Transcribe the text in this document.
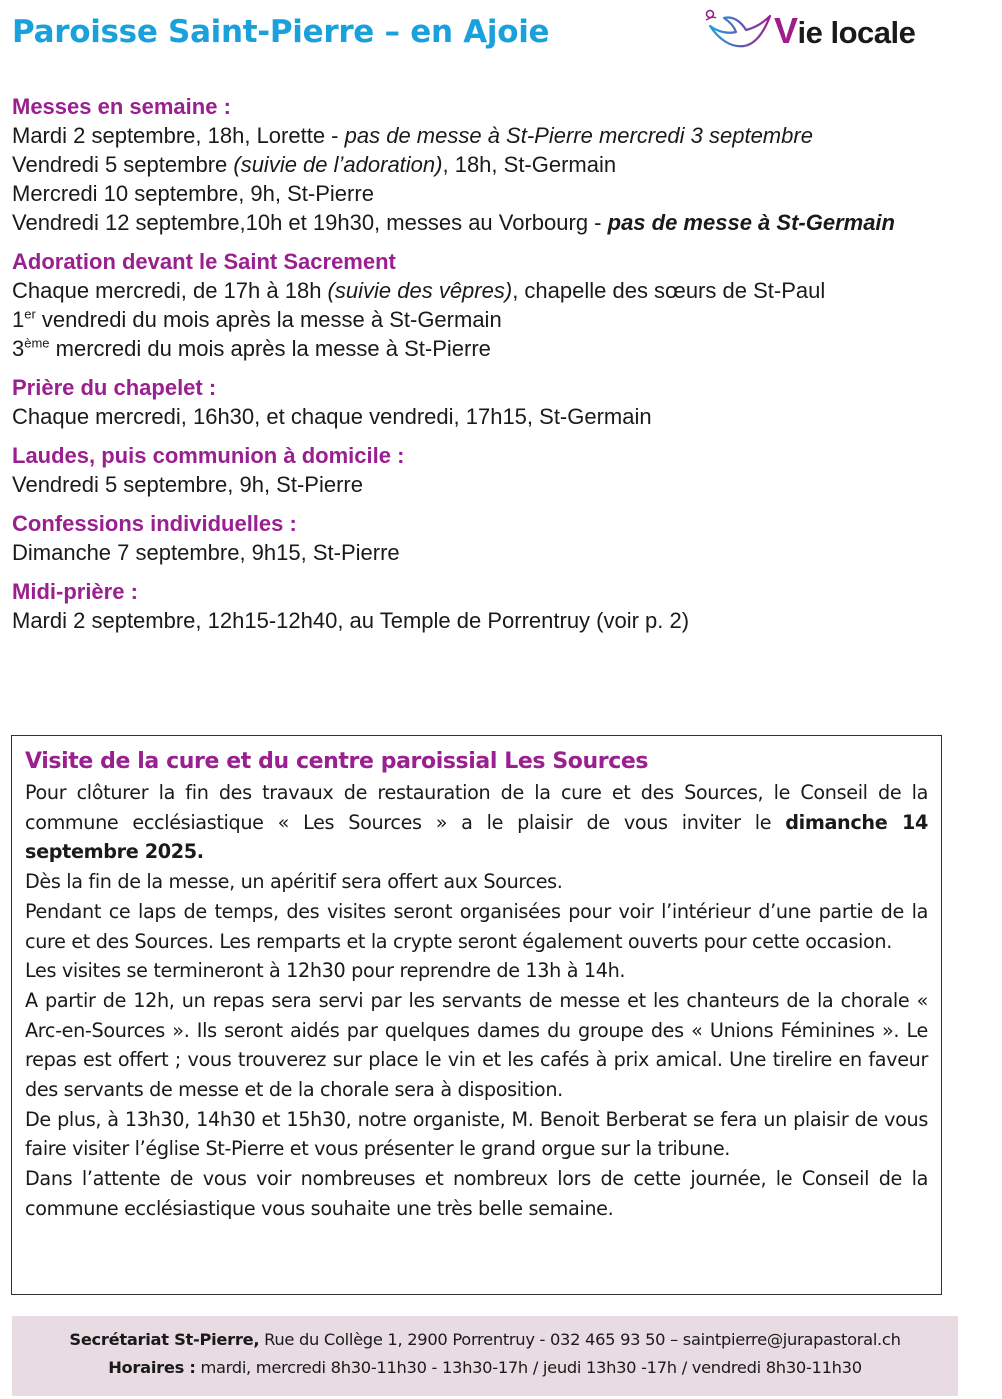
Paroisse Saint-Pierre – en Ajoie	Vie locale
Messes en semaine :
Mardi 2 septembre, 18h, Lorette - pas de messe à St-Pierre mercredi 3 septembre
Vendredi 5 septembre (suivie de l’adoration), 18h, St-Germain
Mercredi 10 septembre, 9h, St-Pierre
Vendredi 12 septembre,10h et 19h30, messes au Vorbourg - pas de messe à St-Germain
Adoration devant le Saint Sacrement
Chaque mercredi, de 17h à 18h (suivie des vêpres), chapelle des sœurs de St-Paul
1er vendredi du mois après la messe à St-Germain
3ème mercredi du mois après la messe à St-Pierre
Prière du chapelet :
Chaque mercredi, 16h30, et chaque vendredi, 17h15, St-Germain
Laudes, puis communion à domicile :
Vendredi 5 septembre, 9h, St-Pierre
Confessions individuelles :
Dimanche 7 septembre, 9h15, St-Pierre
Midi-prière :
Mardi 2 septembre, 12h15-12h40, au Temple de Porrentruy (voir p. 2)
Visite de la cure et du centre paroissial Les Sources

Pour clôturer la fin des travaux de restauration de la cure et des Sources, le Conseil de la commune ecclésiastique « Les Sources » a le plaisir de vous inviter le dimanche 14 septembre 2025.

Dès la fin de la messe, un apéritif sera offert aux Sources.

Pendant ce laps de temps, des visites seront organisées pour voir l’intérieur d’une partie de la cure et des Sources. Les remparts et la crypte seront également ouverts pour cette occasion.

Les visites se termineront à 12h30 pour reprendre de 13h à 14h.

A partir de 12h, un repas sera servi par les servants de messe et les chanteurs de la chorale « Arc-en-Sources ». Ils seront aidés par quelques dames du groupe des « Unions Féminines ». Le repas est offert ; vous trouverez sur place le vin et les cafés à prix amical. Une tirelire en faveur des servants de messe et de la chorale sera à disposition.

De plus, à 13h30, 14h30 et 15h30, notre organiste, M. Benoit Berberat se fera un plaisir de vous faire visiter l’église St-Pierre et vous présenter le grand orgue sur la tribune.

Dans l’attente de vous voir nombreuses et nombreux lors de cette journée, le Conseil de la commune ecclésiastique vous souhaite une très belle semaine.

Secrétariat St-Pierre, Rue du Collège 1, 2900 Porrentruy - 032 465 93 50 – saintpierre@jurapastoral.ch
Horaires : mardi, mercredi 8h30-11h30 - 13h30-17h / jeudi 13h30 -17h / vendredi 8h30-11h30
